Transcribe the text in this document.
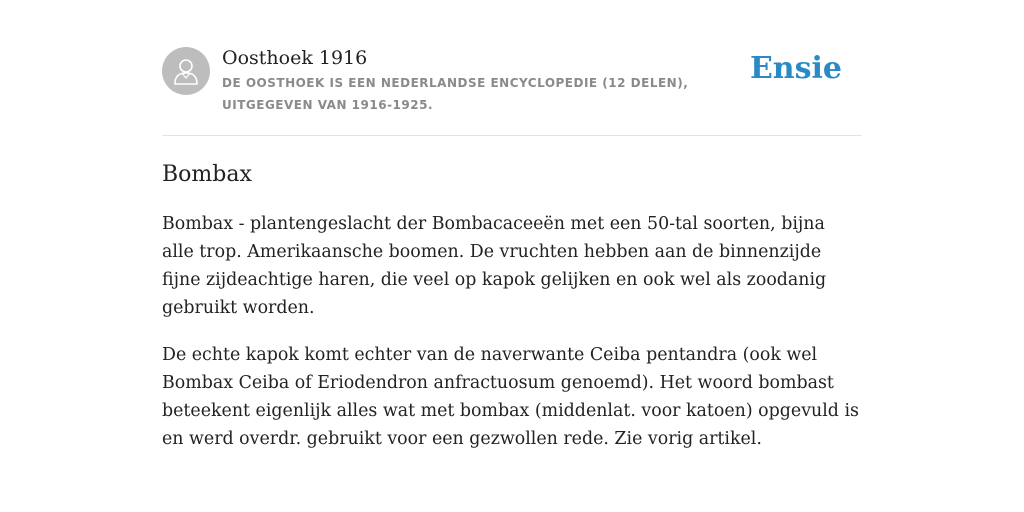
Oosthoek 1916
DE OOSTHOEK IS EEN NEDERLANDSE ENCYCLOPEDIE (12 DELEN), UITGEGEVEN VAN 1916-1925.
Ensie
Bombax

Bombax - plantengeslacht der Bombacaceeën met een 50-tal soorten, bijna alle trop. Amerikaansche boomen. De vruchten hebben aan de binnenzijde fijne zijdeachtige haren, die veel op kapok gelijken en ook wel als zoodanig gebruikt worden.

De echte kapok komt echter van de naverwante Ceiba pentandra (ook wel Bombax Ceiba of Eriodendron anfractuosum genoemd). Het woord bombast beteekent eigenlijk alles wat met bombax (middenlat. voor katoen) opgevuld is en werd overdr. gebruikt voor een gezwollen rede. Zie vorig artikel.
